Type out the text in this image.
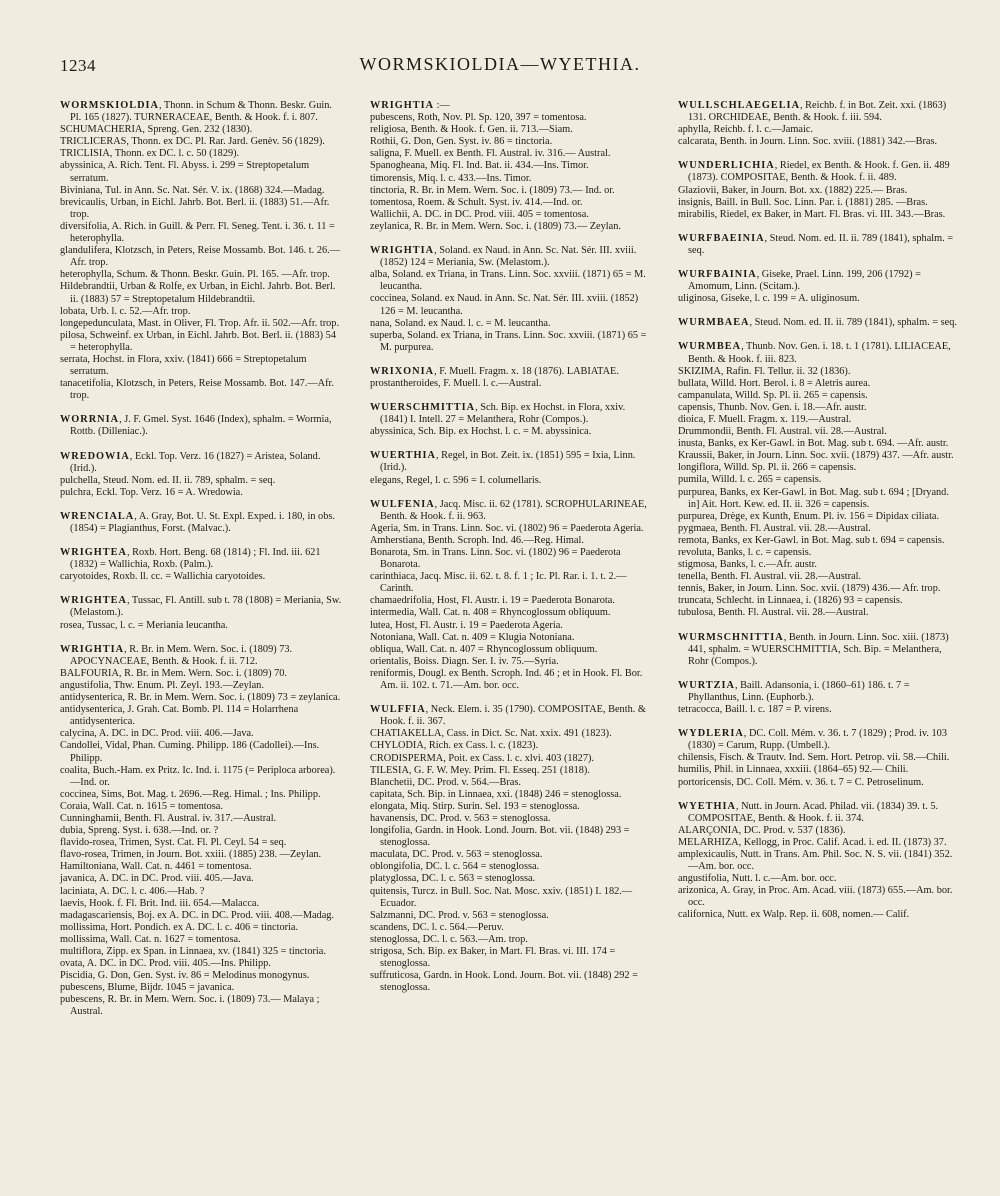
1234	WORMSKIOLDIA—WYETHIA.
WORMSKIOLDIA, Thonn. in Schum & Thonn. Beskr. Guin. Pl. 165 (1827). TURNERACEAE, Benth. & Hook. f. i. 807.
SCHUMACHERIA, Spreng. Gen. 232 (1830).
TRICLICERAS, Thonn. ex DC. Pl. Rar. Jard. Genèv. 56 (1829).
TRICLISIA, Thonn. ex DC. l. c. 50 (1829).
abyssinica, A. Rich. Tent. Fl. Abyss. i. 299 = Streptopetalum serratum.
Biviniana, Tul. in Ann. Sc. Nat. Sér. V. ix. (1868) 324.—Madag.
brevicaulis, Urban, in Eichl. Jahrb. Bot. Berl. ii. (1883) 51.—Afr. trop.
diversifolia, A. Rich. in Guill. & Perr. Fl. Seneg. Tent. i. 36. t. 11 = heterophylla.
glandulifera, Klotzsch, in Peters, Reise Mossamb. Bot. 146. t. 26.—Afr. trop.
heterophylla, Schum. & Thonn. Beskr. Guin. Pl. 165. —Afr. trop.
Hildebrandtii, Urban & Rolfe, ex Urban, in Eichl. Jahrb. Bot. Berl. ii. (1883) 57 = Streptopetalum Hildebrandtii.
lobata, Urb. l. c. 52.—Afr. trop.
longepedunculata, Mast. in Oliver, Fl. Trop. Afr. ii. 502.—Afr. trop.
pilosa, Schweinf. ex Urban, in Eichl. Jahrb. Bot. Berl. ii. (1883) 54 = heterophylla.
serrata, Hochst. in Flora, xxiv. (1841) 666 = Streptopetalum serratum.
tanacetifolia, Klotzsch, in Peters, Reise Mossamb. Bot. 147.—Afr. trop.
WORRNIA, J. F. Gmel. Syst. 1646 (Index), sphalm. = Wormia, Rottb. (Dilleniac.).
WREDOWIA, Eckl. Top. Verz. 16 (1827) = Aristea, Soland. (Irid.).
pulchella, Steud. Nom. ed. II. ii. 789, sphalm. = seq.
pulchra, Eckl. Top. Verz. 16 = A. Wredowia.
WRENCIALA, A. Gray, Bot. U. St. Expl. Exped. i. 180, in obs. (1854) = Plagianthus, Forst. (Malvac.).
WRIGHTEA, Roxb. Hort. Beng. 68 (1814) ; Fl. Ind. iii. 621 (1832) = Wallichia, Roxb. (Palm.).
caryotoides, Roxb. ll. cc. = Wallichia caryotoides.
WRIGHTEA, Tussac, Fl. Antill. sub t. 78 (1808) = Meriania, Sw. (Melastom.).
rosea, Tussac, l. c. = Meriania leucantha.
WRIGHTIA, R. Br. in Mem. Wern. Soc. i. (1809) 73. APOCYNACEAE, Benth. & Hook. f. ii. 712.
BALFOURIA, R. Br. in Mem. Wern. Soc. i. (1809) 70.
angustifolia, Thw. Enum. Pl. Zeyl. 193.—Zeylan.
antidysenterica, R. Br. in Mem. Wern. Soc. i. (1809) 73 = zeylanica.
antidysenterica, J. Grah. Cat. Bomb. Pl. 114 = Holarrhena antidysenterica.
calycina, A. DC. in DC. Prod. viii. 406.—Java.
Candollei, Vidal, Phan. Cuming. Philipp. 186 (Cadollei).—Ins. Philipp.
coalita, Buch.-Ham. ex Pritz. Ic. Ind. i. 1175 (= Periploca arborea).—Ind. or.
coccinea, Sims, Bot. Mag. t. 2696.—Reg. Himal. ; Ins. Philipp.
Coraia, Wall. Cat. n. 1615 = tomentosa.
Cunninghamii, Benth. Fl. Austral. iv. 317.—Austral.
dubia, Spreng. Syst. i. 638.—Ind. or. ?
flavido-rosea, Trimen, Syst. Cat. Fl. Pl. Ceyl. 54 = seq.
flavo-rosea, Trimen, in Journ. Bot. xxiii. (1885) 238. —Zeylan.
Hamiltoniana, Wall. Cat. n. 4461 = tomentosa.
javanica, A. DC. in DC. Prod. viii. 405.—Java.
laciniata, A. DC. l. c. 406.—Hab. ?
laevis, Hook. f. Fl. Brit. Ind. iii. 654.—Malacca.
madagascariensis, Boj. ex A. DC. in DC. Prod. viii. 408.—Madag.
mollissima, Hort. Pondich. ex A. DC. l. c. 406 = tinctoria.
mollissima, Wall. Cat. n. 1627 = tomentosa.
multiflora, Zipp. ex Span. in Linnaea, xv. (1841) 325 = tinctoria.
ovata, A. DC. in DC. Prod. viii. 405.—Ins. Philipp.
Piscidia, G. Don, Gen. Syst. iv. 86 = Melodinus monogynus.
pubescens, Blume, Bijdr. 1045 = javanica.
pubescens, R. Br. in Mem. Wern. Soc. i. (1809) 73.— Malaya ; Austral.
WRIGHTIA :—
pubescens, Roth, Nov. Pl. Sp. 120, 397 = tomentosa.
religiosa, Benth. & Hook. f. Gen. ii. 713.—Siam.
Rothii, G. Don, Gen. Syst. iv. 86 = tinctoria.
saligna, F. Muell. ex Benth. Fl. Austral. iv. 316.— Austral.
Spanogheana, Miq. Fl. Ind. Bat. ii. 434.—Ins. Timor.
timorensis, Miq. l. c. 433.—Ins. Timor.
tinctoria, R. Br. in Mem. Wern. Soc. i. (1809) 73.— Ind. or.
tomentosa, Roem. & Schult. Syst. iv. 414.—Ind. or.
Wallichii, A. DC. in DC. Prod. viii. 405 = tomentosa.
zeylanica, R. Br. in Mem. Wern. Soc. i. (1809) 73.— Zeylan.
WRIGHTIA, Soland. ex Naud. in Ann. Sc. Nat. Sér. III. xviii. (1852) 124 = Meriania, Sw. (Melastom.).
alba, Soland. ex Triana, in Trans. Linn. Soc. xxviii. (1871) 65 = M. leucantha.
coccinea, Soland. ex Naud. in Ann. Sc. Nat. Sér. III. xviii. (1852) 126 = M. leucantha.
nana, Soland. ex Naud. l. c. = M. leucantha.
superba, Soland. ex Triana, in Trans. Linn. Soc. xxviii. (1871) 65 = M. purpurea.
WRIXONIA, F. Muell. Fragm. x. 18 (1876). LABIATAE.
prostantheroides, F. Muell. l. c.—Austral.
WUERSCHMITTIA, Sch. Bip. ex Hochst. in Flora, xxiv. (1841) I. Intell. 27 = Melanthera, Rohr (Compos.).
abyssinica, Sch. Bip. ex Hochst. l. c. = M. abyssinica.
WUERTHIA, Regel, in Bot. Zeit. ix. (1851) 595 = Ixia, Linn. (Irid.).
elegans, Regel, l. c. 596 = I. columellaris.
WULFENIA, Jacq. Misc. ii. 62 (1781). SCROPHULARINEAE, Benth. & Hook. f. ii. 963.
Ageria, Sm. in Trans. Linn. Soc. vi. (1802) 96 = Paederota Ageria.
Amherstiana, Benth. Scroph. Ind. 46.—Reg. Himal.
Bonarota, Sm. in Trans. Linn. Soc. vi. (1802) 96 = Paederota Bonarota.
carinthiaca, Jacq. Misc. ii. 62. t. 8. f. 1 ; Ic. Pl. Rar. i. 1. t. 2.—Carinth.
chamaedrifolia, Host, Fl. Austr. i. 19 = Paederota Bonarota.
intermedia, Wall. Cat. n. 408 = Rhyncoglossum obliquum.
lutea, Host, Fl. Austr. i. 19 = Paederota Ageria.
Notoniana, Wall. Cat. n. 409 = Klugia Notoniana.
obliqua, Wall. Cat. n. 407 = Rhyncoglossum obliquum.
orientalis, Boiss. Diagn. Ser. I. iv. 75.—Syria.
reniformis, Dougl. ex Benth. Scroph. Ind. 46 ; et in Hook. Fl. Bor. Am. ii. 102. t. 71.—Am. bor. occ.
WULFFIA, Neck. Elem. i. 35 (1790). COMPOSITAE, Benth. & Hook. f. ii. 367.
CHATIAKELLA, Cass. in Dict. Sc. Nat. xxix. 491 (1823).
CHYLODIA, Rich. ex Cass. l. c. (1823).
CRODISPERMA, Poit. ex Cass. l. c. xlvi. 403 (1827).
TILESIA, G. F. W. Mey. Prim. Fl. Esseq. 251 (1818).
Blanchetii, DC. Prod. v. 564.—Bras.
capitata, Sch. Bip. in Linnaea, xxi. (1848) 246 = stenoglossa.
elongata, Miq. Stirp. Surin. Sel. 193 = stenoglossa.
havanensis, DC. Prod. v. 563 = stenoglossa.
longifolia, Gardn. in Hook. Lond. Journ. Bot. vii. (1848) 293 = stenoglossa.
maculata, DC. Prod. v. 563 = stenoglossa.
oblongifolia, DC. l. c. 564 = stenoglossa.
platyglossa, DC. l. c. 563 = stenoglossa.
quitensis, Turcz. in Bull. Soc. Nat. Mosc. xxiv. (1851) I. 182.—Ecuador.
Salzmanni, DC. Prod. v. 563 = stenoglossa.
scandens, DC. l. c. 564.—Peruv.
stenoglossa, DC. l. c. 563.—Am. trop.
strigosa, Sch. Bip. ex Baker, in Mart. Fl. Bras. vi. III. 174 = stenoglossa.
suffruticosa, Gardn. in Hook. Lond. Journ. Bot. vii. (1848) 292 = stenoglossa.
WULLSCHLAEGELIA, Reichb. f. in Bot. Zeit. xxi. (1863) 131. ORCHIDEAE, Benth. & Hook. f. iii. 594.
aphylla, Reichb. f. l. c.—Jamaic.
calcarata, Benth. in Journ. Linn. Soc. xviii. (1881) 342.—Bras.
WUNDERLICHIA, Riedel, ex Benth. & Hook. f. Gen. ii. 489 (1873). COMPOSITAE, Benth. & Hook. f. ii. 489.
Glaziovii, Baker, in Journ. Bot. xx. (1882) 225.— Bras.
insignis, Baill. in Bull. Soc. Linn. Par. i. (1881) 285. —Bras.
mirabilis, Riedel, ex Baker, in Mart. Fl. Bras. vi. III. 343.—Bras.
WURFBAEINIA, Steud. Nom. ed. II. ii. 789 (1841), sphalm. = seq.
WURFBAINIA, Giseke, Prael. Linn. 199, 206 (1792) = Amomum, Linn. (Scitam.).
uliginosa, Giseke, l. c. 199 = A. uliginosum.
WURMBAEA, Steud. Nom. ed. II. ii. 789 (1841), sphalm. = seq.
WURMBEA, Thunb. Nov. Gen. i. 18. t. 1 (1781). LILIACEAE, Benth. & Hook. f. iii. 823.
SKIZIMA, Rafin. Fl. Tellur. ii. 32 (1836).
bullata, Willd. Hort. Berol. i. 8 = Aletris aurea.
campanulata, Willd. Sp. Pl. ii. 265 = capensis.
capensis, Thunb. Nov. Gen. i. 18.—Afr. austr.
dioica, F. Muell. Fragm. x. 119.—Austral.
Drummondii, Benth. Fl. Austral. vii. 28.—Austral.
inusta, Banks, ex Ker-Gawl. in Bot. Mag. sub t. 694. —Afr. austr.
Kraussii, Baker, in Journ. Linn. Soc. xvii. (1879) 437. —Afr. austr.
longiflora, Willd. Sp. Pl. ii. 266 = capensis.
pumila, Willd. l. c. 265 = capensis.
purpurea, Banks, ex Ker-Gawl. in Bot. Mag. sub t. 694 ; [Dryand. in] Ait. Hort. Kew. ed. II. ii. 326 = capensis.
purpurea, Drège, ex Kunth, Enum. Pl. iv. 156 = Dipidax ciliata.
pygmaea, Benth. Fl. Austral. vii. 28.—Austral.
remota, Banks, ex Ker-Gawl. in Bot. Mag. sub t. 694 = capensis.
revoluta, Banks, l. c. = capensis.
stigmosa, Banks, l. c.—Afr. austr.
tenella, Benth. Fl. Austral. vii. 28.—Austral.
tennis, Baker, in Journ. Linn. Soc. xvii. (1879) 436.— Afr. trop.
truncata, Schlecht. in Linnaea, i. (1826) 93 = capensis.
tubulosa, Benth. Fl. Austral. vii. 28.—Austral.
WURMSCHNITTIA, Benth. in Journ. Linn. Soc. xiii. (1873) 441, sphalm. = WUERSCHMITTIA, Sch. Bip. = Melanthera, Rohr (Compos.).
WURTZIA, Baill. Adansonia, i. (1860–61) 186. t. 7 = Phyllanthus, Linn. (Euphorb.).
tetracocca, Baill. l. c. 187 = P. virens.
WYDLERIA, DC. Coll. Mém. v. 36. t. 7 (1829) ; Prod. iv. 103 (1830) = Carum, Rupp. (Umbell.).
chilensis, Fisch. & Trautv. Ind. Sem. Hort. Petrop. vii. 58.—Chili.
humilis, Phil. in Linnaea, xxxiii. (1864–65) 92.— Chili.
portoricensis, DC. Coll. Mém. v. 36. t. 7 = C. Petroselinum.
WYETHIA, Nutt. in Journ. Acad. Philad. vii. (1834) 39. t. 5. COMPOSITAE, Benth. & Hook. f. ii. 374.
ALARÇONIA, DC. Prod. v. 537 (1836).
MELARHIZA, Kellogg, in Proc. Calif. Acad. i. ed. II. (1873) 37.
amplexicaulis, Nutt. in Trans. Am. Phil. Soc. N. S. vii. (1841) 352.—Am. bor. occ.
angustifolia, Nutt. l. c.—Am. bor. occ.
arizonica, A. Gray, in Proc. Am. Acad. viii. (1873) 655.—Am. bor. occ.
californica, Nutt. ex Walp. Rep. ii. 608, nomen.— Calif.
